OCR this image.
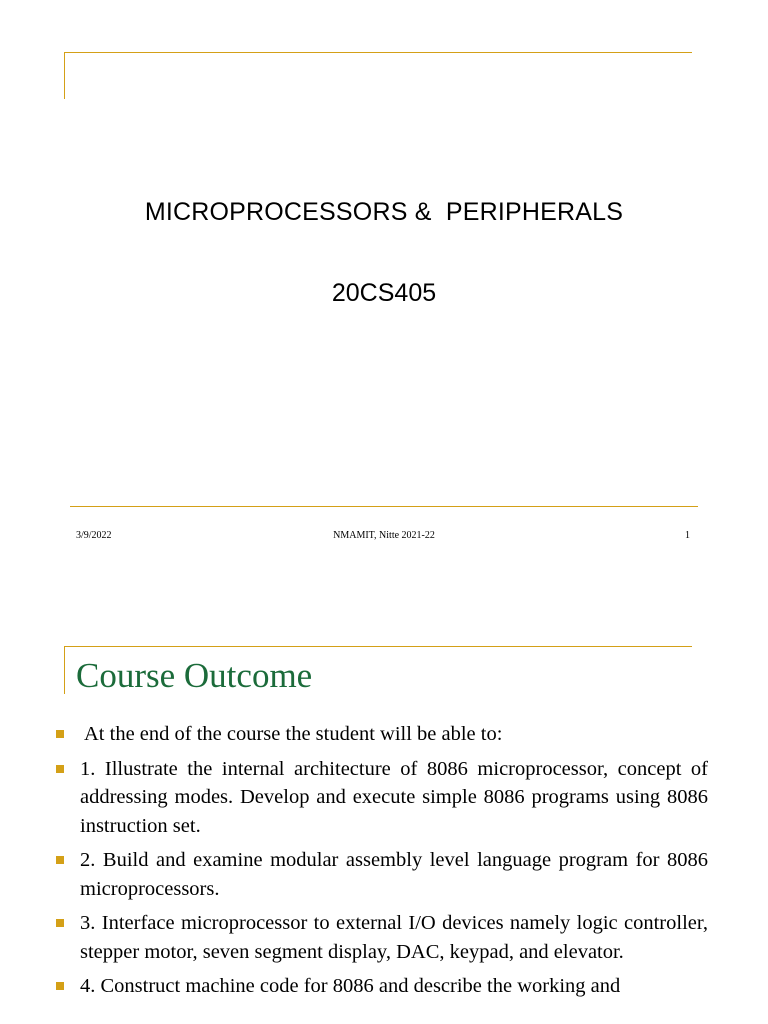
MICROPROCESSORS &  PERIPHERALS
20CS405
3/9/2022	NMAMIT, Nitte 2021-22	1
Course Outcome
At the end of the course the student will be able to:
1. Illustrate the internal architecture of 8086 microprocessor, concept of addressing modes. Develop and execute simple 8086 programs using 8086 instruction set.
2. Build and examine modular assembly level language program for 8086 microprocessors.
3. Interface microprocessor to external I/O devices namely logic controller, stepper motor, seven segment display, DAC, keypad, and elevator.
4. Construct machine code for 8086 and describe the working and
